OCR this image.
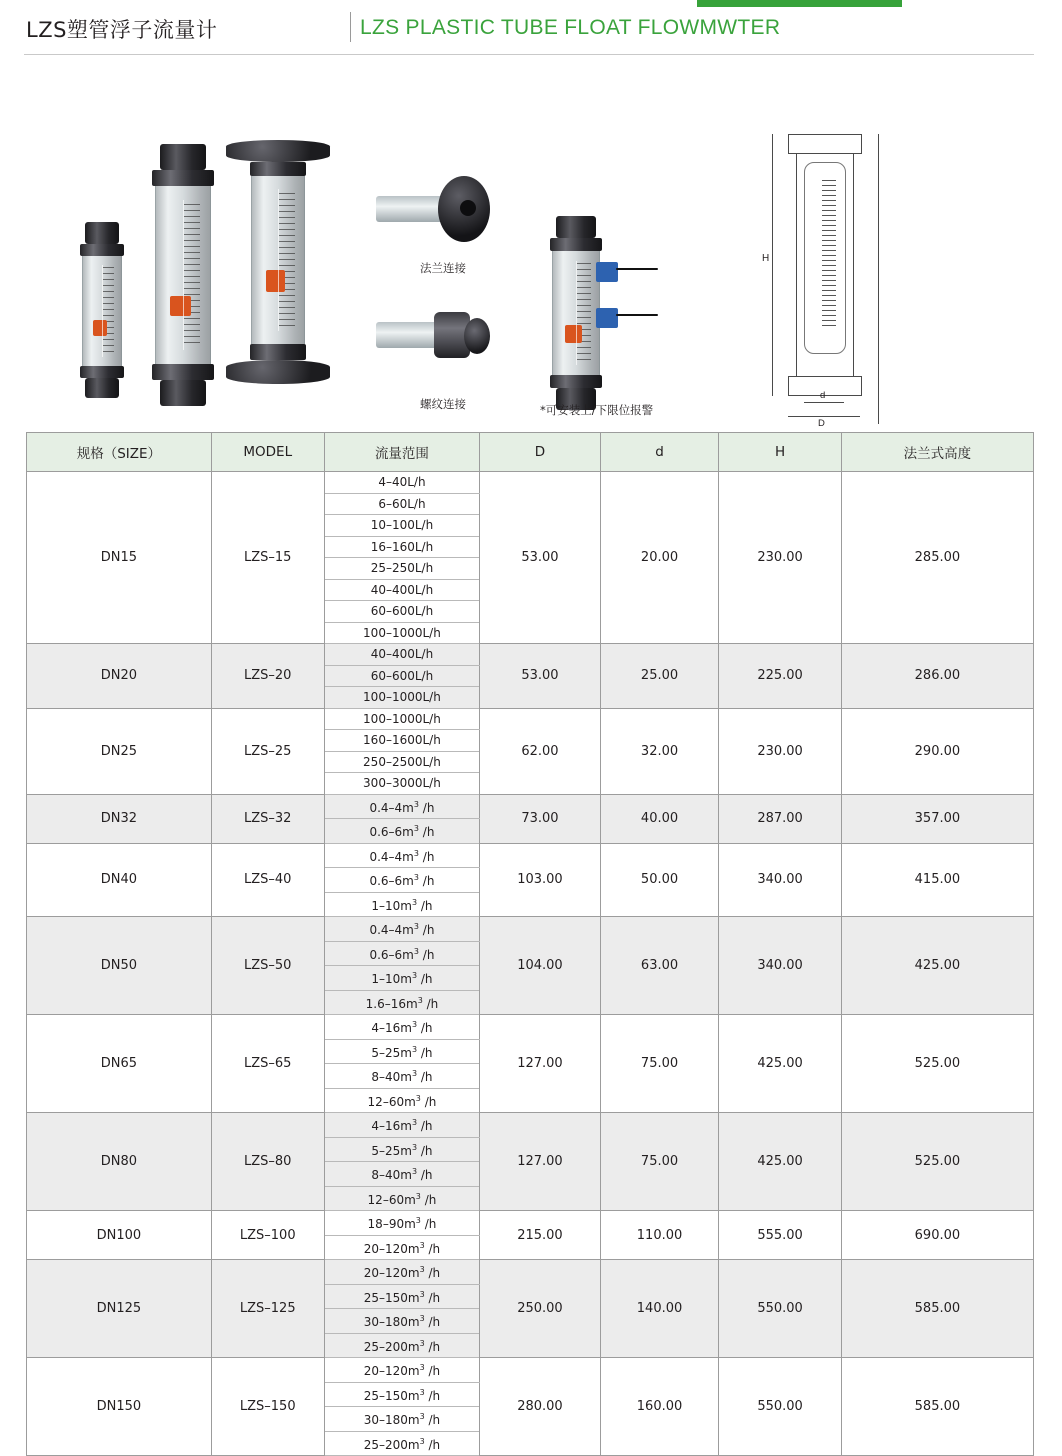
LZS塑管浮子流量计	LZS PLASTIC TUBE FLOAT FLOWMWTER
法兰连接
螺纹连接	*可安装上/下限位报警
H
d
D
规格（SIZE）	MODEL	流量范围	D	d	H	法兰式高度
DN15	LZS–15	4–40L/h	53.00	20.00	230.00	285.00
		6–60L/h				
		10–100L/h				
		16–160L/h				
		25–250L/h				
		40–400L/h				
		60–600L/h				
		100–1000L/h				
DN20	LZS–20	40–400L/h	53.00	25.00	225.00	286.00
		60–600L/h				
		100–1000L/h				
DN25	LZS–25	100–1000L/h	62.00	32.00	230.00	290.00
		160–1600L/h				
		250–2500L/h				
		300–3000L/h				
DN32	LZS–32	$0.4-4m^3$ /h	73.00	40.00	287.00	357.00
		$0.6-6m^3$ /h				
DN40	LZS–40	$0.4-4m^3$ /h	103.00	50.00	340.00	415.00
		$0.6-6m^3$ /h				
		$1-10m^3$ /h				
DN50	LZS–50	$0.4-4m^3$ /h	104.00	63.00	340.00	425.00
		$0.6-6m^3$ /h				
		$1-10m^3$ /h				
		$1.6-16m^3$ /h				
DN65	LZS–65	$4-16m^3$ /h	127.00	75.00	425.00	525.00
		$5-25m^3$ /h				
		$8-40m^3$ /h				
		$12-60m^3$ /h				
DN80	LZS–80	$4-16m^3$ /h	127.00	75.00	425.00	525.00
		$5-25m^3$ /h				
		$8-40m^3$ /h				
		$12-60m^3$ /h				
DN100	LZS–100	$18-90m^3$ /h	215.00	110.00	555.00	690.00
		$20-120m^3$ /h				
DN125	LZS–125	$20-120m^3$ /h	250.00	140.00	550.00	585.00
		$25-150m^3$ /h				
		$30-180m^3$ /h				
		$25-200m^3$ /h				
DN150	LZS–150	$20-120m^3$ /h	280.00	160.00	550.00	585.00
		$25-150m^3$ /h				
		$30-180m^3$ /h				
		$25-200m^3$ /h				
